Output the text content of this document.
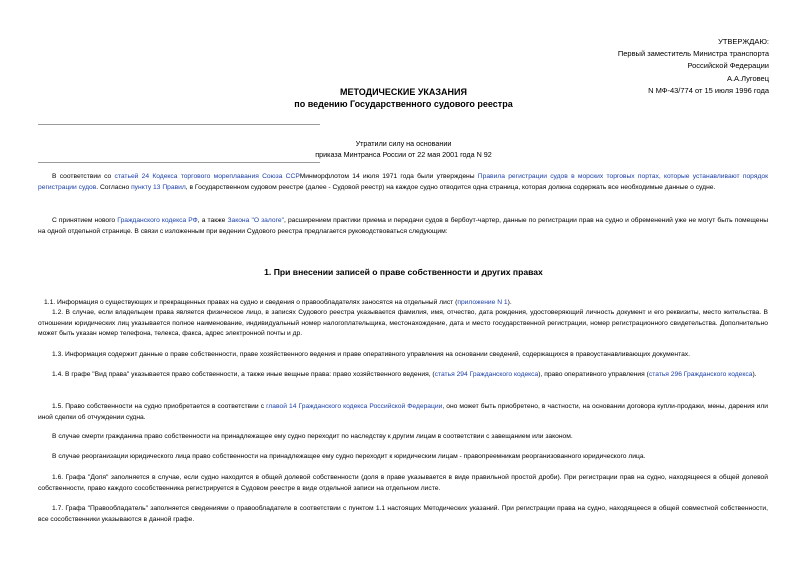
УТВЕРЖДАЮ:
Первый заместитель Министра транспорта
Российской Федерации
А.А.Луговец
N МФ-43/774 от 15 июля 1996 года
МЕТОДИЧЕСКИЕ УКАЗАНИЯ
по ведению Государственного судового реестра
Утратили силу на основании
приказа Минтранса России от 22 мая 2001 года N 92
В соответствии со статьей 24 Кодекса торгового мореплавания Союза ССРМинморфлотом 14 июля 1971 года были утверждены Правила регистрации судов в морских торговых портах, которые устанавливают порядок регистрации судов. Согласно пункту 13 Правил, в Государственном судовом реестре (далее - Судовой реестр) на каждое судно отводится одна страница, которая должна содержать все необходимые данные о судне.
С принятием нового Гражданского кодекса РФ, а также Закона "О залоге", расширением практики приема и передачи судов в бербоут-чартер, данные по регистрации прав на судно и обременений уже не могут быть помещены на одной отдельной странице. В связи с изложенным при ведении Судового реестра предлагается руководствоваться следующим:
1. При внесении записей о праве собственности и других правах
1.1. Информация о существующих и прекращенных правах на судно и сведения о правообладателях заносятся на отдельный лист (приложение N 1).
1.2. В случае, если владельцем права является физическое лицо, в записях Судового реестра указывается фамилия, имя, отчество, дата рождения, удостоверяющий личность документ и его реквизиты, место жительства. В отношении юридических лиц указывается полное наименование, индивидуальный номер налогоплательщика, местонахождение, дата и место государственной регистрации, номер регистрационного свидетельства. Дополнительно может быть указан номер телефона, телекса, факса, адрес электронной почты и др.
1.3. Информация содержит данные о праве собственности, праве хозяйственного ведения и праве оперативного управления на основании сведений, содержащихся в правоустанавливающих документах.
1.4. В графе "Вид права" указывается право собственности, а также иные вещные права: право хозяйственного ведения, (статья 294 Гражданского кодекса), право оперативного управления (статья 296 Гражданского кодекса).
1.5. Право собственности на судно приобретается в соответствии с главой 14 Гражданского кодекса Российской Федерации, оно может быть приобретено, в частности, на основании договора купли-продажи, мены, дарения или иной сделки об отчуждении судна.
В случае смерти гражданина право собственности на принадлежащее ему судно переходит по наследству к другим лицам в соответствии с завещанием или законом.
В случае реорганизации юридического лица право собственности на принадлежащее ему судно переходит к юридическим лицам - правопреемникам реорганизованного юридического лица.
1.6. Графа "Доля" заполняется в случае, если судно находится в общей долевой собственности (доля в праве указывается в виде правильной простой дроби). При регистрации прав на судно, находящееся в общей долевой собственности, право каждого сособственника регистрируется в Судовом реестре в виде отдельной записи на отдельном листе.
1.7. Графа "Правообладатель" заполняется сведениями о правообладателе в соответствии с пунктом 1.1 настоящих Методических указаний. При регистрации права на судно, находящееся в общей совместной собственности, все сособственники указываются в данной графе.
